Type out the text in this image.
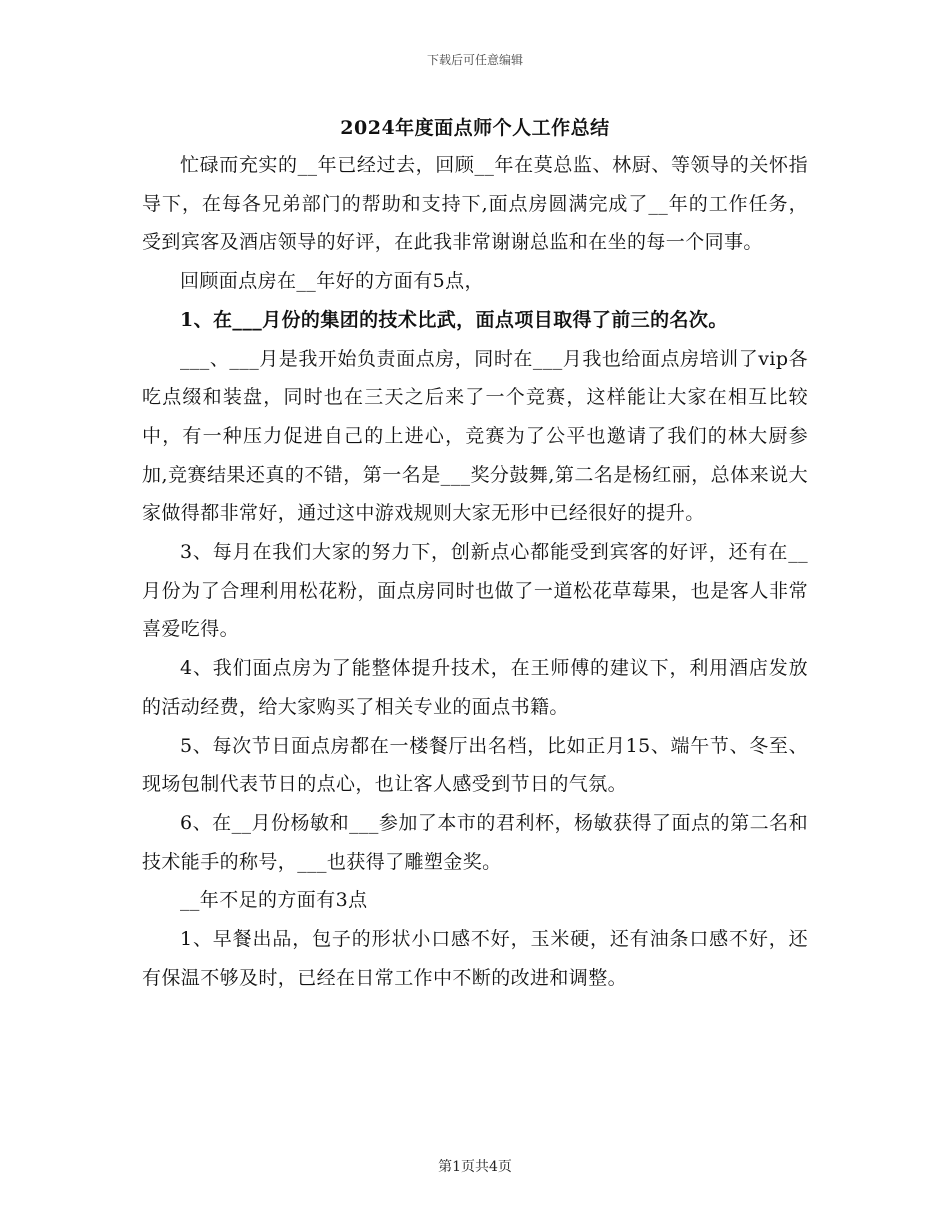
下载后可任意编辑
2024年度面点师个人工作总结

忙碌而充实的__年已经过去，回顾__年在莫总监、林厨、等领导的关怀指导下，在每各兄弟部门的帮助和支持下,面点房圆满完成了__年的工作任务，受到宾客及酒店领导的好评，在此我非常谢谢总监和在坐的每一个同事。

回顾面点房在__年好的方面有5点，

1、在___月份的集团的技术比武，面点项目取得了前三的名次。

___、___月是我开始负责面点房，同时在___月我也给面点房培训了vip各吃点缀和装盘，同时也在三天之后来了一个竞赛，这样能让大家在相互比较中，有一种压力促进自己的上进心，竞赛为了公平也邀请了我们的林大厨参加,竞赛结果还真的不错，第一名是___奖分鼓舞,第二名是杨红丽，总体来说大家做得都非常好，通过这中游戏规则大家无形中已经很好的提升。

3、每月在我们大家的努力下，创新点心都能受到宾客的好评，还有在__月份为了合理利用松花粉，面点房同时也做了一道松花草莓果，也是客人非常喜爱吃得。

4、我们面点房为了能整体提升技术，在王师傅的建议下，利用酒店发放的活动经费，给大家购买了相关专业的面点书籍。

5、每次节日面点房都在一楼餐厅出名档，比如正月15、端午节、冬至、现场包制代表节日的点心，也让客人感受到节日的气氛。

6、在__月份杨敏和___参加了本市的君利杯，杨敏获得了面点的第二名和技术能手的称号，___也获得了雕塑金奖。

__年不足的方面有3点

1、早餐出品，包子的形状小口感不好，玉米硬，还有油条口感不好，还有保温不够及时，已经在日常工作中不断的改进和调整。

第1页共4页
